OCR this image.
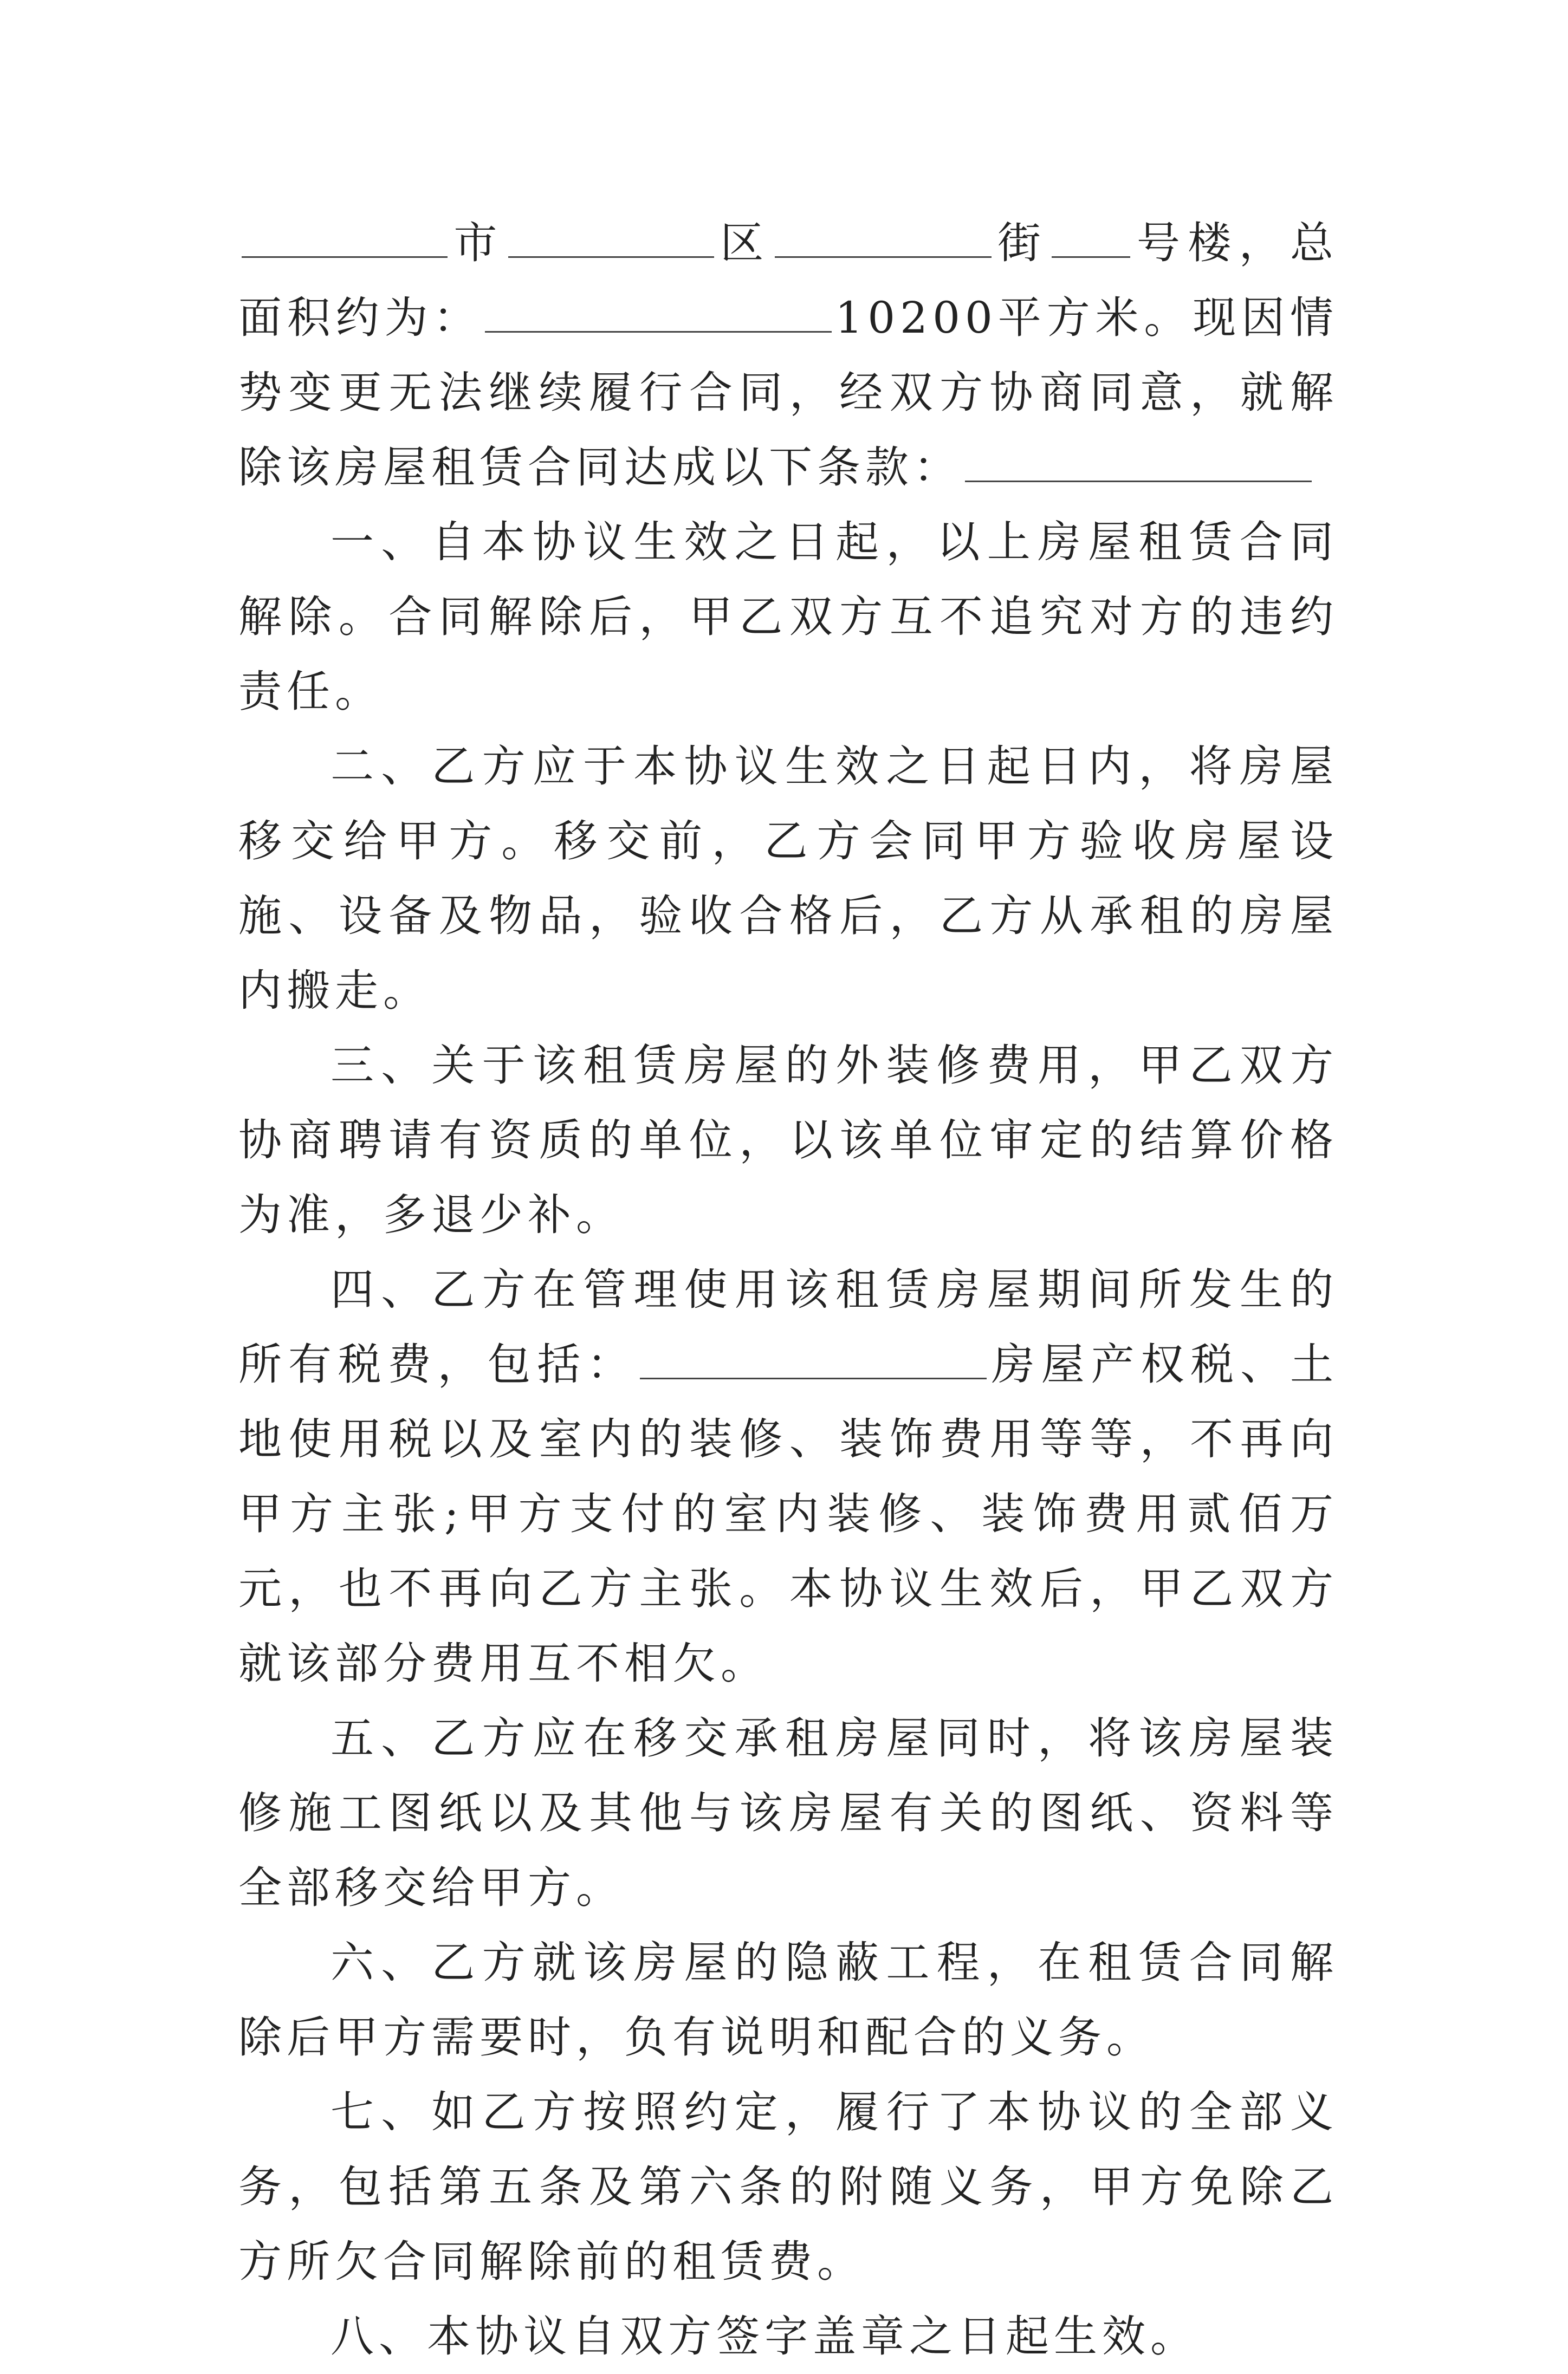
市	区	街 号楼，总面积约为：	10200平方米。现因情势变更无法继续履行合同，经双方协商同意，就解除该房屋租赁合同达成以下条款：

一、自本协议生效之日起，以上房屋租赁合同解除。合同解除后，甲乙双方互不追究对方的违约责任。

二、乙方应于本协议生效之日起日内，将房屋移交给甲方。移交前，乙方会同甲方验收房屋设施、设备及物品，验收合格后，乙方从承租的房屋内搬走。

三、关于该租赁房屋的外装修费用，甲乙双方协商聘请有资质的单位，以该单位审定的结算价格为准，多退少补。

四、乙方在管理使用该租赁房屋期间所发生的所有税费，包括：	房屋产权税、土地使用税以及室内的装修、装饰费用等等，不再向甲方主张;甲方支付的室内装修、装饰费用贰佰万元，也不再向乙方主张。本协议生效后，甲乙双方就该部分费用互不相欠。

五、乙方应在移交承租房屋同时，将该房屋装修施工图纸以及其他与该房屋有关的图纸、资料等全部移交给甲方。

六、乙方就该房屋的隐蔽工程，在租赁合同解除后甲方需要时，负有说明和配合的义务。

七、如乙方按照约定，履行了本协议的全部义务，包括第五条及第六条的附随义务，甲方免除乙方所欠合同解除前的租赁费。

八、本协议自双方签字盖章之日起生效。
